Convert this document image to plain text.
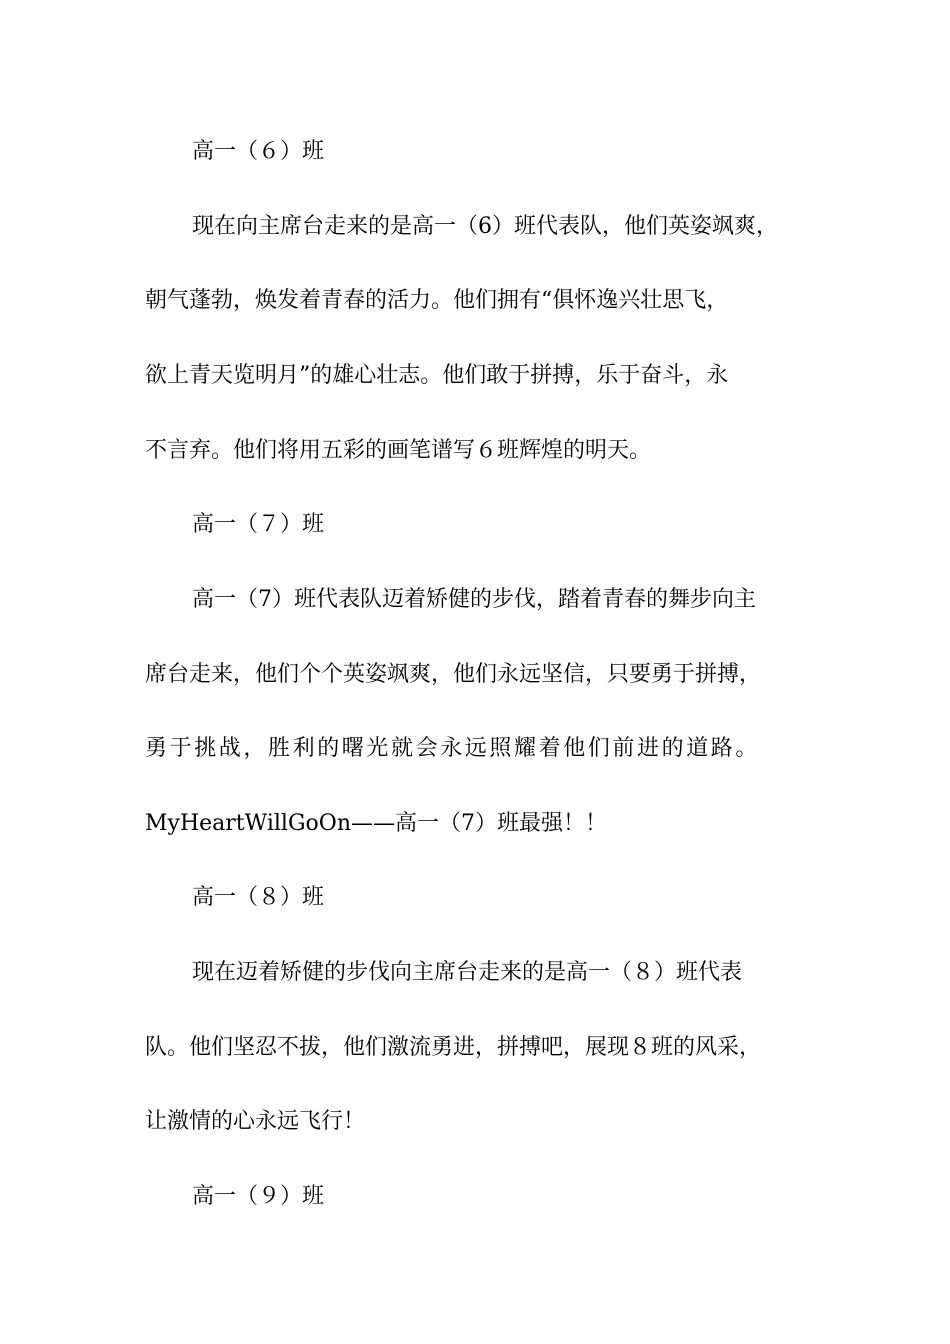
高一（６）班

现在向主席台走来的是高一（6）班代表队，他们英姿飒爽，

朝气蓬勃，焕发着青春的活力。他们拥有“俱怀逸兴壮思飞，

欲上青天览明月”的雄心壮志。他们敢于拼搏，乐于奋斗，永

不言弃。他们将用五彩的画笔谱写６班辉煌的明天。

高一（７）班

高一（7）班代表队迈着矫健的步伐，踏着青春的舞步向主

席台走来，他们个个英姿飒爽，他们永远坚信，只要勇于拼搏，

勇于挑战，胜利的曙光就会永远照耀着他们前进的道路。

MyHeartWillGoOn——高一（7）班最强！！

高一（８）班

现在迈着矫健的步伐向主席台走来的是高一（８）班代表

队。他们坚忍不拔，他们激流勇进，拼搏吧，展现８班的风采，

让激情的心永远飞行！

高一（９）班
